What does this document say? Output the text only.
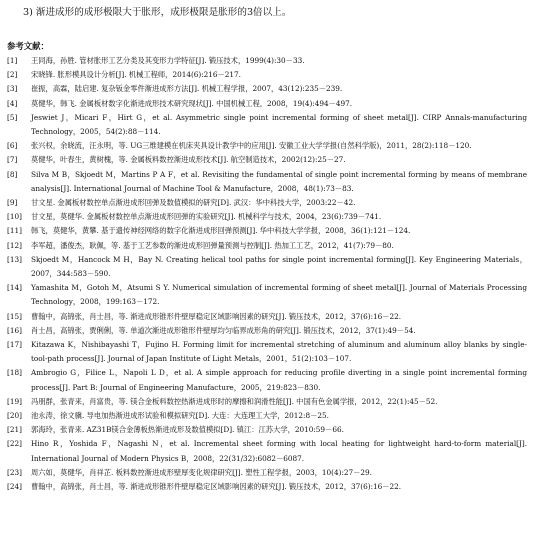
3) 渐进成形的成形极限大于胀形，成形极限是胀形的3倍以上。
参考文献：
[1] 王同海，孙胜. 管材胀形工艺分类及其变形力学特征[J]. 锻压技术，1999(4):30－33.
[2] 宋晓锋. 胀形模具设计分析[J]. 机械工程师，2014(6):216－217.
[3] 崔振，高霖，陆启建. 复杂钣金零件渐进成形方法[J]. 机械工程学报，2007，43(12):235－239.
[4] 莫健华，韩飞. 金属板材数字化渐进成形技术研究现状[J]. 中国机械工程，2008，19(4):494－497.
[5] Jeswiet J，Micari F，Hirt G，et al. Asymmetric single point incremental forming of sheet metal[J]. CIRP Annals-manufacturing Technology，2005，54(2):88－114.
[6] 张兴权，余晓流，汪永明，等. UG三维建模在机床夹具设计教学中的应用[J]. 安徽工业大学学报(自然科学版)，2011，28(2):118－120.
[7] 莫健华，叶春生，黄树槐，等. 金属板料数控渐进成形技术[J]. 航空制造技术，2002(12):25－27.
[8] Silva M B，Skjoedt M，Martins P A F，et al. Revisiting the fundamental of single point incremental forming by means of membrane analysis[J]. International Journal of Machine Tool & Manufacture，2008，48(1):73－83.
[9] 甘文星. 金属板材数控单点渐进成形回弹及数值模拟的研究[D]. 武汉：华中科技大学，2003:22－42.
[10] 甘文星，莫健华. 金属板材数控单点渐进成形回弹的实验研究[J]. 机械科学与技术，2004，23(6):739－741.
[11] 韩飞，莫健华，黄攀. 基于遗传神经网络的数字化渐进成形回弹预测[J]. 华中科技大学学报，2008，36(1):121－124.
[12] 李军超，潘俊杰，耿佩，等. 基于工艺参数的渐进成形回弹量预测与控制[J]. 热加工工艺，2012，41(7):79－80.
[13] Skjoedt M，Hancock M H，Bay N. Creating helical tool paths for single point incremental forming[J]. Key Engineering Materials，2007，344:583－590.
[14] Yamashita M，Gotoh M，Atsumi S Y. Numerical simulation of incremental forming of sheet metal[J]. Journal of Materials Processing Technology，2008，199:163－172.
[15] 曹翰中，高锦张，肖士昌，等. 渐进成形锥形件壁厚稳定区域影响因素的研究[J]. 锻压技术，2012，37(6):16－22.
[16] 肖士昌，高锦张，贾俐俐，等. 单道次渐进成形锥形件壁厚均匀临界成形角的研究[J]. 锻压技术，2012，37(1):49－54.
[17] Kitazawa K，Nishibayashi T，Fujino H. Forming limit for incremental stretching of aluminum and aluminum alloy blanks by single-tool-path process[J]. Journal of Japan Institute of Light Metals，2001，51(2):103－107.
[18] Ambrogio G，Filice L，Napoli L D，et al. A simple approach for reducing profile diverting in a single point incremental forming process[J]. Part B: Journal of Engineering Manufacture，2005，219:823－830.
[19] 冯朋群，张青来，肖富贵，等. 镁合金板料数控热渐进成形时的摩擦和润滑性能[J]. 中国有色金属学报，2012，22(1):45－52.
[20] 池永涛，徐文骥. 导电加热渐进成形试验和模拟研究[D]. 大连：大连理工大学，2012:8－25.
[21] 郭海玲，张青来. AZ31B镁合金薄板热渐进成形及数值模拟[D]. 镇江：江苏大学，2010:59－66.
[22] Hino R，Yoshida F，Nagashi N，et al. Incremental sheet forming with local heating for lightweight hard-to-form material[J]. International Journal of Modern Physics B，2008，22(31/32):6082－6087.
[23] 周六如，莫健华，肖祥芷. 板料数控渐进成形壁厚变化规律研究[J]. 塑性工程学报，2003，10(4):27－29.
[24] 曹翰中，高锦张，肖士昌，等. 渐进成形锥形件壁厚稳定区域影响因素的研究[J]. 锻压技术，2012，37(6):16－22.
